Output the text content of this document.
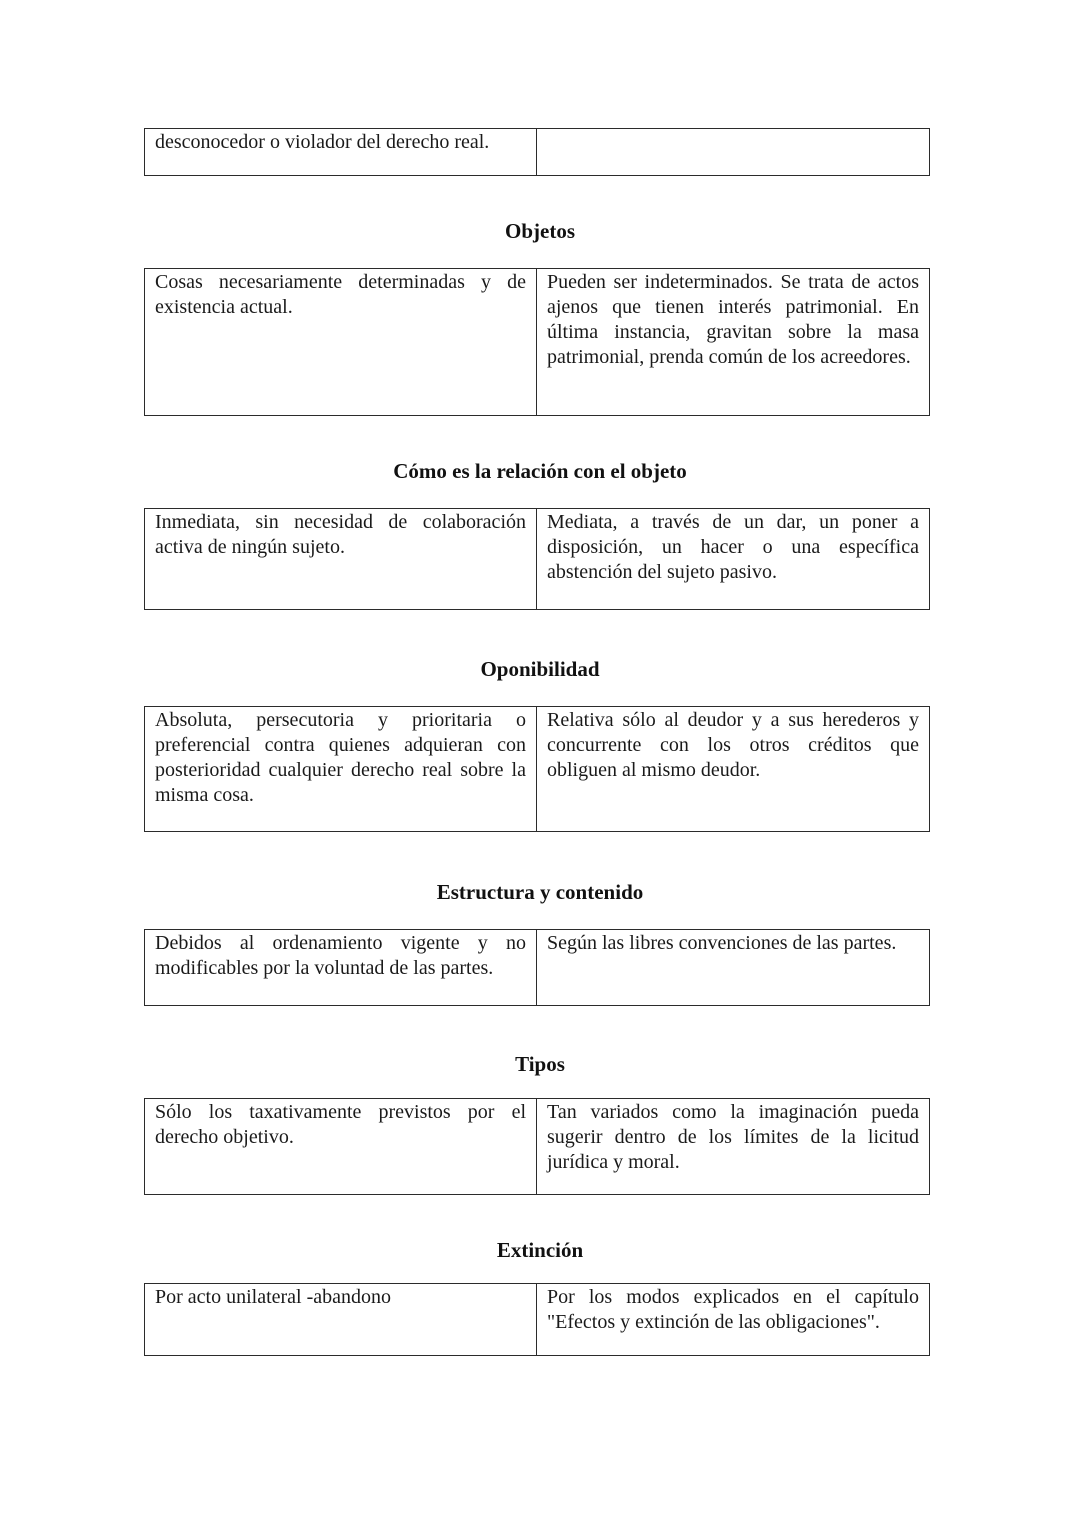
desconocedor o violador del derecho real.
Objetos
Cosas necesariamente determinadas y de existencia actual.
Pueden ser indeterminados. Se trata de actos ajenos que tienen interés patrimonial. En última instancia, gravitan sobre la masa patrimonial, prenda común de los acreedores.
Cómo es la relación con el objeto
Inmediata, sin necesidad de colaboración activa de ningún sujeto.
Mediata, a través de un dar, un poner a disposición, un hacer o una específica abstención del sujeto pasivo.
Oponibilidad
Absoluta, persecutoria y prioritaria o preferencial contra quienes adquieran con posterioridad cualquier derecho real sobre la misma cosa.
Relativa sólo al deudor y a sus herederos y concurrente con los otros créditos que obliguen al mismo deudor.
Estructura y contenido
Debidos al ordenamiento vigente y no modificables por la voluntad de las partes.
Según las libres convenciones de las partes.
Tipos
Sólo los taxativamente previstos por el derecho objetivo.
Tan variados como la imaginación pueda sugerir dentro de los límites de la licitud jurídica y moral.
Extinción
Por acto unilateral -abandono	Por los modos explicados en el capítulo "Efectos y extinción de las obligaciones".
